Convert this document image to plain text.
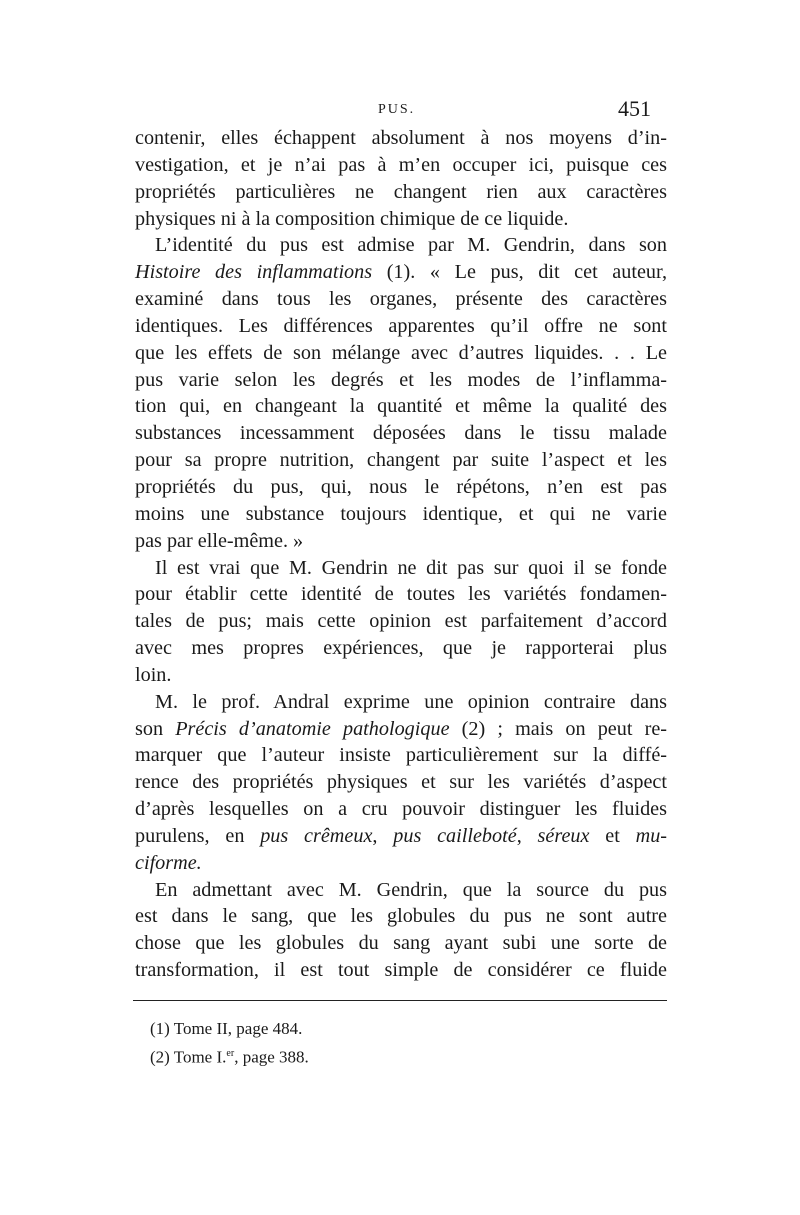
PUS.	451
contenir, elles échappent absolument à nos moyens d’in-
vestigation, et je n’ai pas à m’en occuper ici, puisque ces
propriétés particulières ne changent rien aux caractères
physiques ni à la composition chimique de ce liquide.
L’identité du pus est admise par M. Gendrin, dans son
Histoire des inflammations (1). « Le pus, dit cet auteur,
examiné dans tous les organes, présente des caractères
identiques. Les différences apparentes qu’il offre ne sont
que les effets de son mélange avec d’autres liquides. . . Le
pus varie selon les degrés et les modes de l’inflamma-
tion qui, en changeant la quantité et même la qualité des
substances incessamment déposées dans le tissu malade
pour sa propre nutrition, changent par suite l’aspect et les
propriétés du pus, qui, nous le répétons, n’en est pas
moins une substance toujours identique, et qui ne varie
pas par elle-même. »
Il est vrai que M. Gendrin ne dit pas sur quoi il se fonde
pour établir cette identité de toutes les variétés fondamen-
tales de pus; mais cette opinion est parfaitement d’accord
avec mes propres expériences, que je rapporterai plus
loin.
M. le prof. Andral exprime une opinion contraire dans
son Précis d’anatomie pathologique (2) ; mais on peut re-
marquer que l’auteur insiste particulièrement sur la diffé-
rence des propriétés physiques et sur les variétés d’aspect
d’après lesquelles on a cru pouvoir distinguer les fluides
purulens, en pus crêmeux, pus cailleboté, séreux et mu-
ciforme.
En admettant avec M. Gendrin, que la source du pus
est dans le sang, que les globules du pus ne sont autre
chose que les globules du sang ayant subi une sorte de
transformation, il est tout simple de considérer ce fluide
(1) Tome II, page 484.
(2) Tome I.$^{er}$, page 388.
